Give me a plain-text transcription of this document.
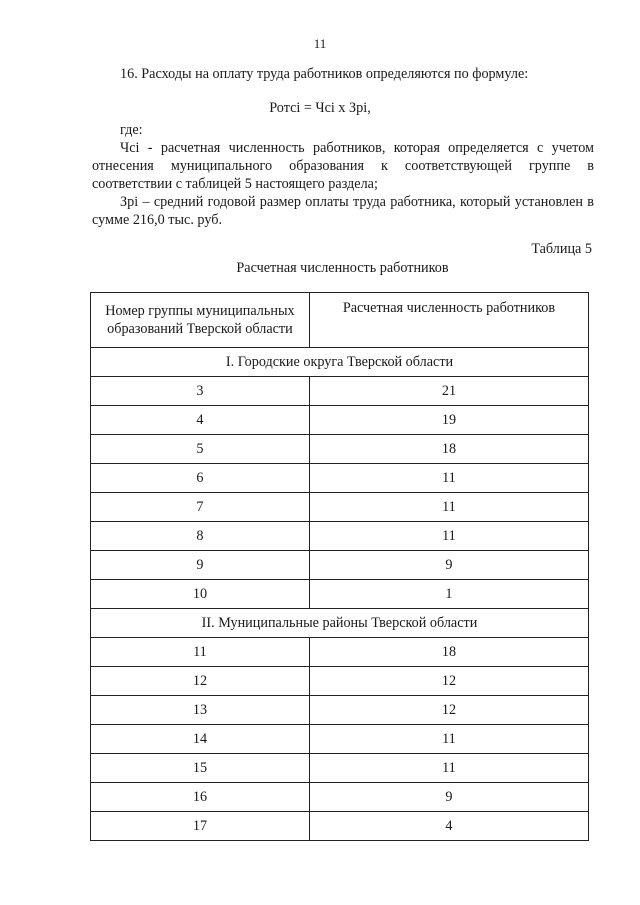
11

16. Расходы на оплату труда работников определяются по формуле:

Ротсі = Чсі х Зрі,

где:

Чсі - расчетная численность работников, которая определяется с учетом отнесения муниципального образования к соответствующей группе в соответствии с таблицей 5 настоящего раздела;

Зрі – средний годовой размер оплаты труда работника, который установлен в сумме 216,0 тыс. руб.

Таблица 5
Расчетная численность работников
Номер группы муниципальных образований Тверской области	Расчетная численность работников
I. Городские округа Тверской области	
3	21
4	19
5	18
6	11
7	11
8	11
9	9
10	1
II. Муниципальные районы Тверской области	
11	18
12	12
13	12
14	11
15	11
16	9
17	4
